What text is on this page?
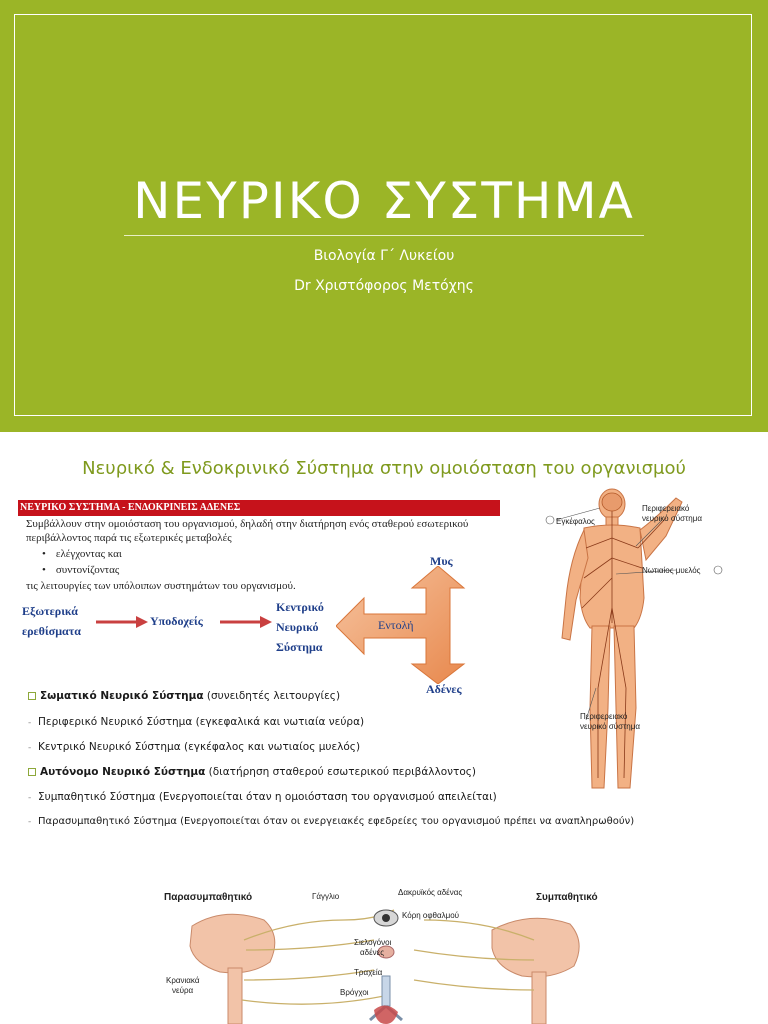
ΝΕΥΡΙΚΟ ΣΥΣΤΗΜΑ
Βιολογία Γ΄ Λυκείου
Dr Χριστόφορος Μετόχης
Νευρικό & Ενδοκρινικό Σύστημα στην ομοιόσταση του οργανισμού
ΝΕΥΡΙΚΟ ΣΥΣΤΗΜΑ - ΕΝΔΟΚΡΙΝΕΙΣ ΑΔΕΝΕΣ
Συμβάλλουν στην ομοιόσταση του οργανισμού, δηλαδή στην διατήρηση ενός σταθερού εσωτερικού
περιβάλλοντος παρά τις εξωτερικές μεταβολές
• ελέγχοντας και
• συντονίζοντας
τις λειτουργίες των υπόλοιπων συστημάτων του οργανισμού.
Εξωτερικά
ερεθίσματα
Υποδοχείς
Κεντρικό
Νευρικό
Σύστημα
Εντολή
Μυς
Αδένες
Σωματικό Νευρικό Σύστημα (συνειδητές λειτουργίες)
- Περιφερικό Νευρικό Σύστημα (εγκεφαλικά και νωτιαία νεύρα)
- Κεντρικό Νευρικό Σύστημα (εγκέφαλος και νωτιαίος μυελός)
Αυτόνομο Νευρικό Σύστημα (διατήρηση σταθερού εσωτερικού περιβάλλοντος)
- Συμπαθητικό Σύστημα (Ενεργοποιείται όταν η ομοιόσταση του οργανισμού απειλείται)
- Παρασυμπαθητικό Σύστημα (Ενεργοποιείται όταν οι ενεργειακές εφεδρείες του οργανισμού πρέπει να αναπληρωθούν)
Εγκέφαλος
Περιφερειακό
νευρικό σύστημα
Νωτιαίος μυελός
Περιφερειακό
νευρικό σύστημα
Παρασυμπαθητικό	Συμπαθητικό
Γάγγλιο	Δακρυϊκός αδένας
Κόρη οφθαλμού
Σιελογόνοι
αδένες
Τραχεία
Βρόγχοι
Κρανιακά
νεύρα
